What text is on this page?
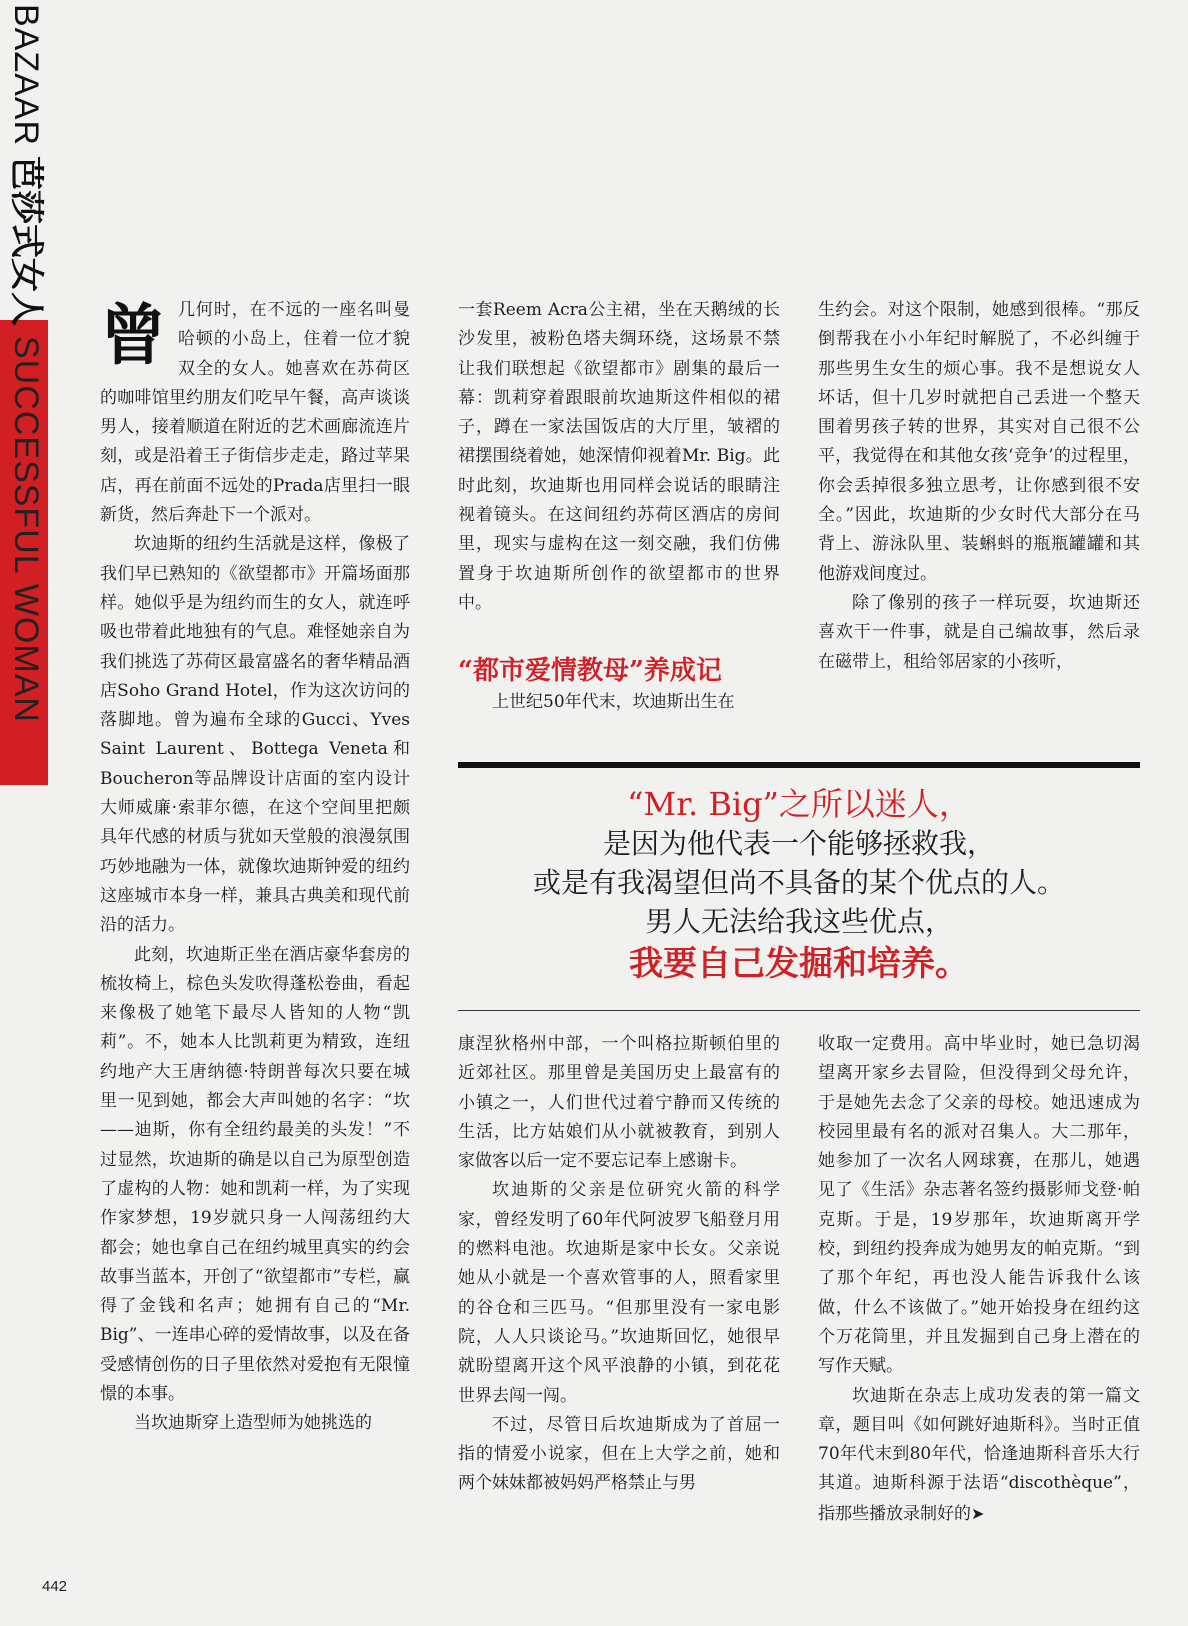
BAZAAR芭莎式女人SUCCESSFUL WOMAN

曾几何时，在不远的一座名叫曼哈顿的小岛上，住着一位才貌双全的女人。她喜欢在苏荷区的咖啡馆里约朋友们吃早午餐，高声谈谈男人，接着顺道在附近的艺术画廊流连片刻，或是沿着王子街信步走走，路过苹果店，再在前面不远处的Prada店里扫一眼新货，然后奔赴下一个派对。

坎迪斯的纽约生活就是这样，像极了我们早已熟知的《欲望都市》开篇场面那样。她似乎是为纽约而生的女人，就连呼吸也带着此地独有的气息。难怪她亲自为我们挑选了苏荷区最富盛名的奢华精品酒店Soho Grand Hotel，作为这次访问的落脚地。曾为遍布全球的Gucci、Yves Saint Laurent、Bottega Veneta和Boucheron等品牌设计店面的室内设计大师威廉·索菲尔德，在这个空间里把颇具年代感的材质与犹如天堂般的浪漫氛围巧妙地融为一体，就像坎迪斯钟爱的纽约这座城市本身一样，兼具古典美和现代前沿的活力。

此刻，坎迪斯正坐在酒店豪华套房的梳妆椅上，棕色头发吹得蓬松卷曲，看起来像极了她笔下最尽人皆知的人物“凯莉”。不，她本人比凯莉更为精致，连纽约地产大王唐纳德·特朗普每次只要在城里一见到她，都会大声叫她的名字：“坎——迪斯，你有全纽约最美的头发！”不过显然，坎迪斯的确是以自己为原型创造了虚构的人物：她和凯莉一样，为了实现作家梦想，19岁就只身一人闯荡纽约大都会；她也拿自己在纽约城里真实的约会故事当蓝本，开创了“欲望都市”专栏，赢得了金钱和名声；她拥有自己的“Mr. Big”、一连串心碎的爱情故事，以及在备受感情创伤的日子里依然对爱抱有无限憧憬的本事。

当坎迪斯穿上造型师为她挑选的

一套Reem Acra公主裙，坐在天鹅绒的长沙发里，被粉色塔夫绸环绕，这场景不禁让我们联想起《欲望都市》剧集的最后一幕：凯莉穿着跟眼前坎迪斯这件相似的裙子，蹲在一家法国饭店的大厅里，皱褶的裙摆围绕着她，她深情仰视着Mr. Big。此时此刻，坎迪斯也用同样会说话的眼睛注视着镜头。在这间纽约苏荷区酒店的房间里，现实与虚构在这一刻交融，我们仿佛置身于坎迪斯所创作的欲望都市的世界中。

“都市爱情教母”养成记

上世纪50年代末，坎迪斯出生在

生约会。对这个限制，她感到很棒。“那反倒帮我在小小年纪时解脱了，不必纠缠于那些男生女生的烦心事。我不是想说女人坏话，但十几岁时就把自己丢进一个整天围着男孩子转的世界，其实对自己很不公平，我觉得在和其他女孩‘竞争’的过程里，你会丢掉很多独立思考，让你感到很不安全。”因此，坎迪斯的少女时代大部分在马背上、游泳队里、装蝌蚪的瓶瓶罐罐和其他游戏间度过。

除了像别的孩子一样玩耍，坎迪斯还喜欢干一件事，就是自己编故事，然后录在磁带上，租给邻居家的小孩听，

“Mr. Big”之所以迷人，
是因为他代表一个能够拯救我，
或是有我渴望但尚不具备的某个优点的人。
男人无法给我这些优点，
我要自己发掘和培养。

康涅狄格州中部，一个叫格拉斯顿伯里的近郊社区。那里曾是美国历史上最富有的小镇之一，人们世代过着宁静而又传统的生活，比方姑娘们从小就被教育，到别人家做客以后一定不要忘记奉上感谢卡。

坎迪斯的父亲是位研究火箭的科学家，曾经发明了60年代阿波罗飞船登月用的燃料电池。坎迪斯是家中长女。父亲说她从小就是一个喜欢管事的人，照看家里的谷仓和三匹马。“但那里没有一家电影院，人人只谈论马。”坎迪斯回忆，她很早就盼望离开这个风平浪静的小镇，到花花世界去闯一闯。

不过，尽管日后坎迪斯成为了首屈一指的情爱小说家，但在上大学之前，她和两个妹妹都被妈妈严格禁止与男

收取一定费用。高中毕业时，她已急切渴望离开家乡去冒险，但没得到父母允许，于是她先去念了父亲的母校。她迅速成为校园里最有名的派对召集人。大二那年，她参加了一次名人网球赛，在那儿，她遇见了《生活》杂志著名签约摄影师戈登·帕克斯。于是，19岁那年，坎迪斯离开学校，到纽约投奔成为她男友的帕克斯。“到了那个年纪，再也没人能告诉我什么该做，什么不该做了。”她开始投身在纽约这个万花筒里，并且发掘到自己身上潜在的写作天赋。

坎迪斯在杂志上成功发表的第一篇文章，题目叫《如何跳好迪斯科》。当时正值70年代末到80年代，恰逢迪斯科音乐大行其道。迪斯科源于法语“discothèque”，指那些播放录制好的➤

442
